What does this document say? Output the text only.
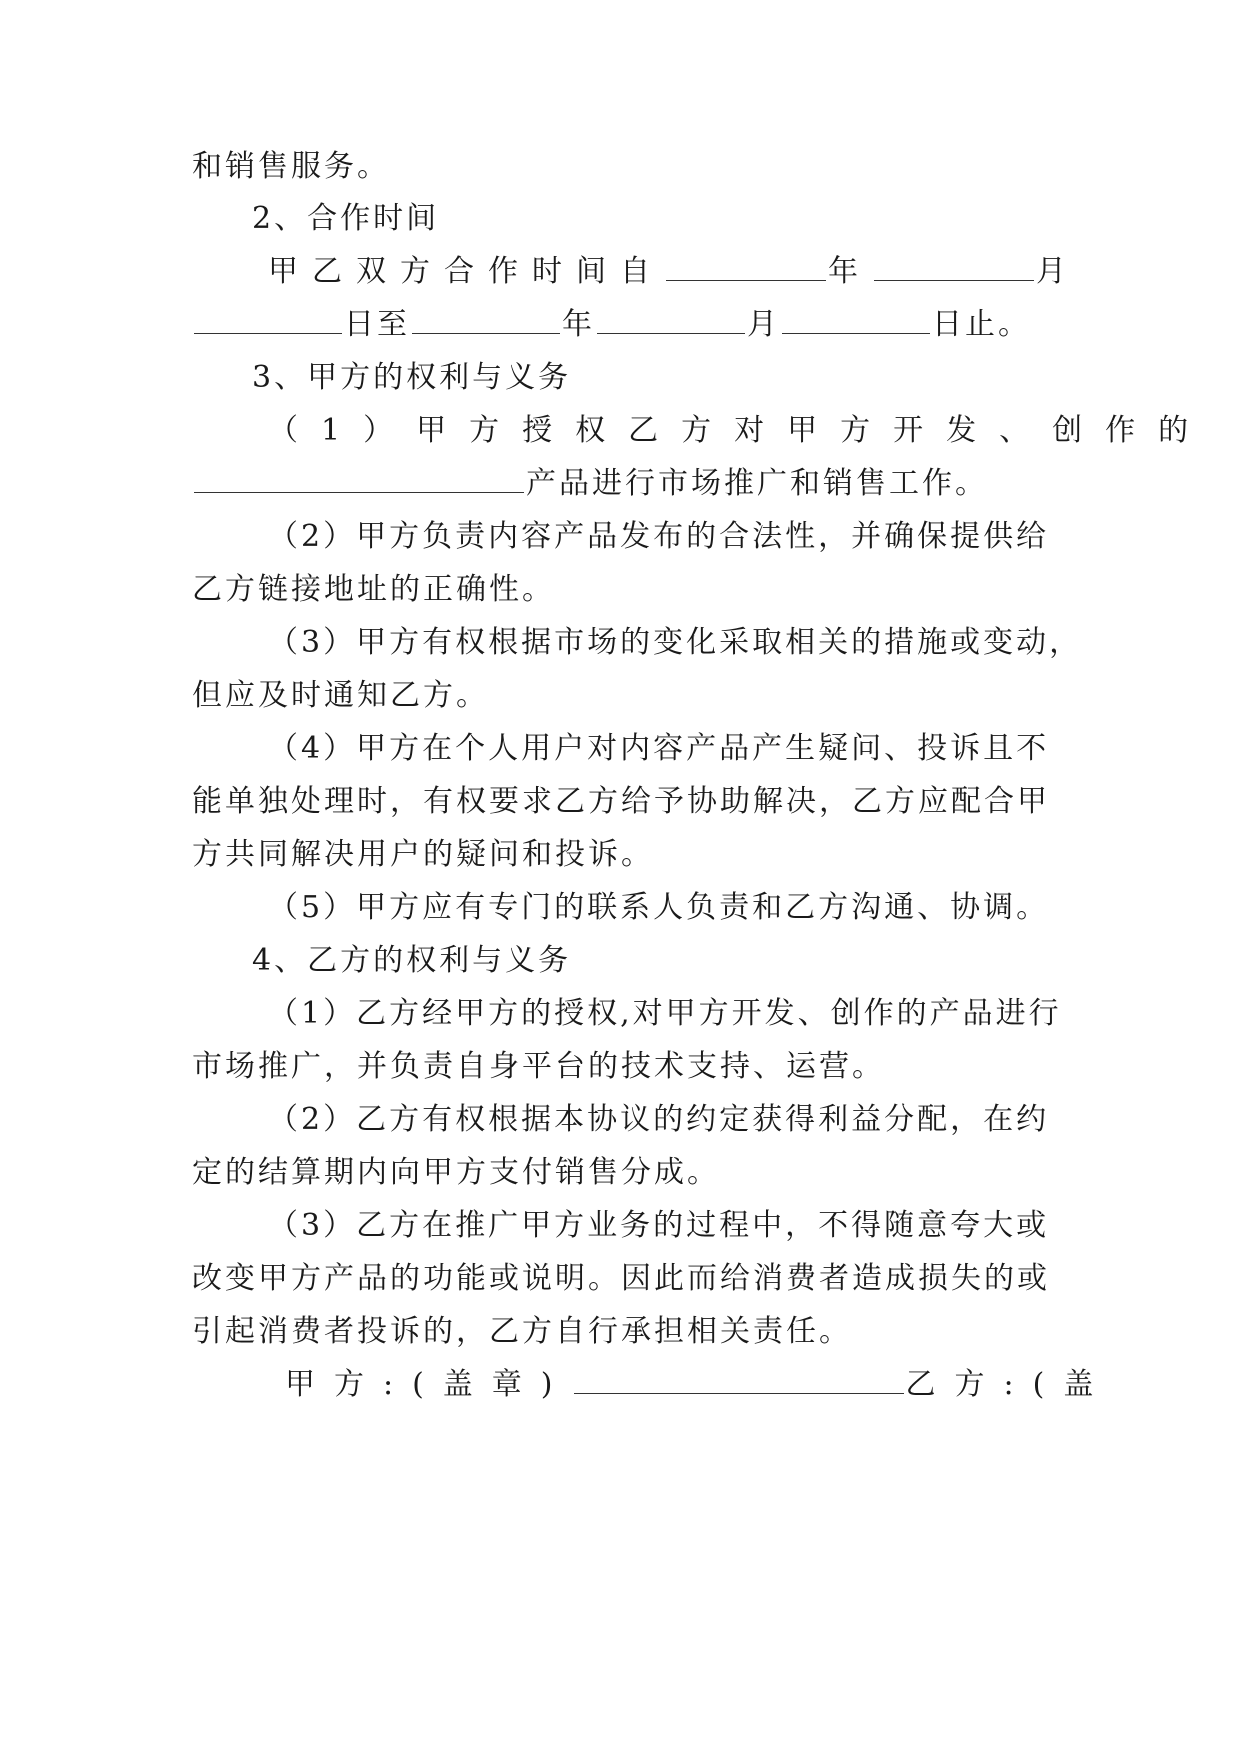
和销售服务。
2、合作时间
甲乙双方合作时间自	年	月
日至	年	月	日止。
3、甲方的权利与义务
（1）甲方授权乙方对甲方开发、创作的
产品进行市场推广和销售工作。
（2）甲方负责内容产品发布的合法性，并确保提供给
乙方链接地址的正确性。
（3）甲方有权根据市场的变化采取相关的措施或变动，
但应及时通知乙方。
（4）甲方在个人用户对内容产品产生疑问、投诉且不
能单独处理时，有权要求乙方给予协助解决，乙方应配合甲
方共同解决用户的疑问和投诉。
（5）甲方应有专门的联系人负责和乙方沟通、协调。
4、乙方的权利与义务
（1）乙方经甲方的授权,对甲方开发、创作的产品进行
市场推广，并负责自身平台的技术支持、运营。
（2）乙方有权根据本协议的约定获得利益分配，在约
定的结算期内向甲方支付销售分成。
（3）乙方在推广甲方业务的过程中，不得随意夸大或
改变甲方产品的功能或说明。因此而给消费者造成损失的或
引起消费者投诉的，乙方自行承担相关责任。
甲方:(盖章)	乙方:(盖
